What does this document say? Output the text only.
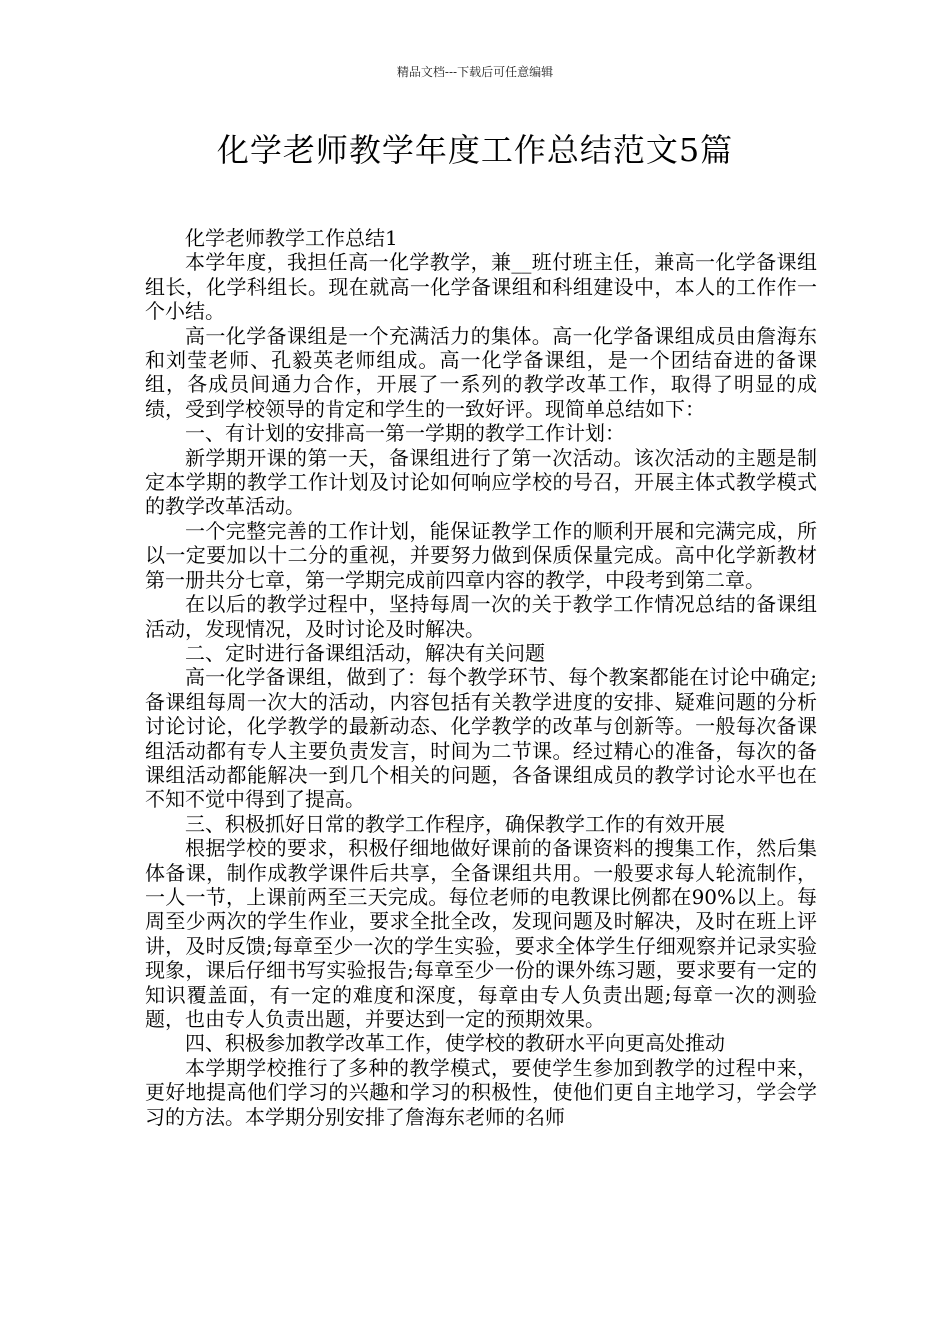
精品文档---下载后可任意编辑
化学老师教学年度工作总结范文5篇

化学老师教学工作总结1

本学年度，我担任高一化学教学，兼__班付班主任，兼高一化学备课组组长，化学科组长。现在就高一化学备课组和科组建设中，本人的工作作一个小结。

高一化学备课组是一个充满活力的集体。高一化学备课组成员由詹海东和刘莹老师、孔毅英老师组成。高一化学备课组，是一个团结奋进的备课组，各成员间通力合作，开展了一系列的教学改革工作，取得了明显的成绩，受到学校领导的肯定和学生的一致好评。现简单总结如下：

一、有计划的安排高一第一学期的教学工作计划：

新学期开课的第一天，备课组进行了第一次活动。该次活动的主题是制定本学期的教学工作计划及讨论如何响应学校的号召，开展主体式教学模式的教学改革活动。

一个完整完善的工作计划，能保证教学工作的顺利开展和完满完成，所以一定要加以十二分的重视，并要努力做到保质保量完成。高中化学新教材第一册共分七章，第一学期完成前四章内容的教学，中段考到第二章。

在以后的教学过程中，坚持每周一次的关于教学工作情况总结的备课组活动，发现情况，及时讨论及时解决。

二、定时进行备课组活动，解决有关问题

高一化学备课组，做到了：每个教学环节、每个教案都能在讨论中确定;备课组每周一次大的活动，内容包括有关教学进度的安排、疑难问题的分析讨论讨论，化学教学的最新动态、化学教学的改革与创新等。一般每次备课组活动都有专人主要负责发言，时间为二节课。经过精心的准备，每次的备课组活动都能解决一到几个相关的问题，各备课组成员的教学讨论水平也在不知不觉中得到了提高。

三、积极抓好日常的教学工作程序，确保教学工作的有效开展

根据学校的要求，积极仔细地做好课前的备课资料的搜集工作，然后集体备课，制作成教学课件后共享，全备课组共用。一般要求每人轮流制作，一人一节，上课前两至三天完成。每位老师的电教课比例都在90%以上。每周至少两次的学生作业，要求全批全改，发现问题及时解决，及时在班上评讲，及时反馈;每章至少一次的学生实验，要求全体学生仔细观察并记录实验现象，课后仔细书写实验报告;每章至少一份的课外练习题，要求要有一定的知识覆盖面，有一定的难度和深度，每章由专人负责出题;每章一次的测验题，也由专人负责出题，并要达到一定的预期效果。

四、积极参加教学改革工作，使学校的教研水平向更高处推动

本学期学校推行了多种的教学模式，要使学生参加到教学的过程中来，更好地提高他们学习的兴趣和学习的积极性，使他们更自主地学习，学会学习的方法。本学期分别安排了詹海东老师的名师
